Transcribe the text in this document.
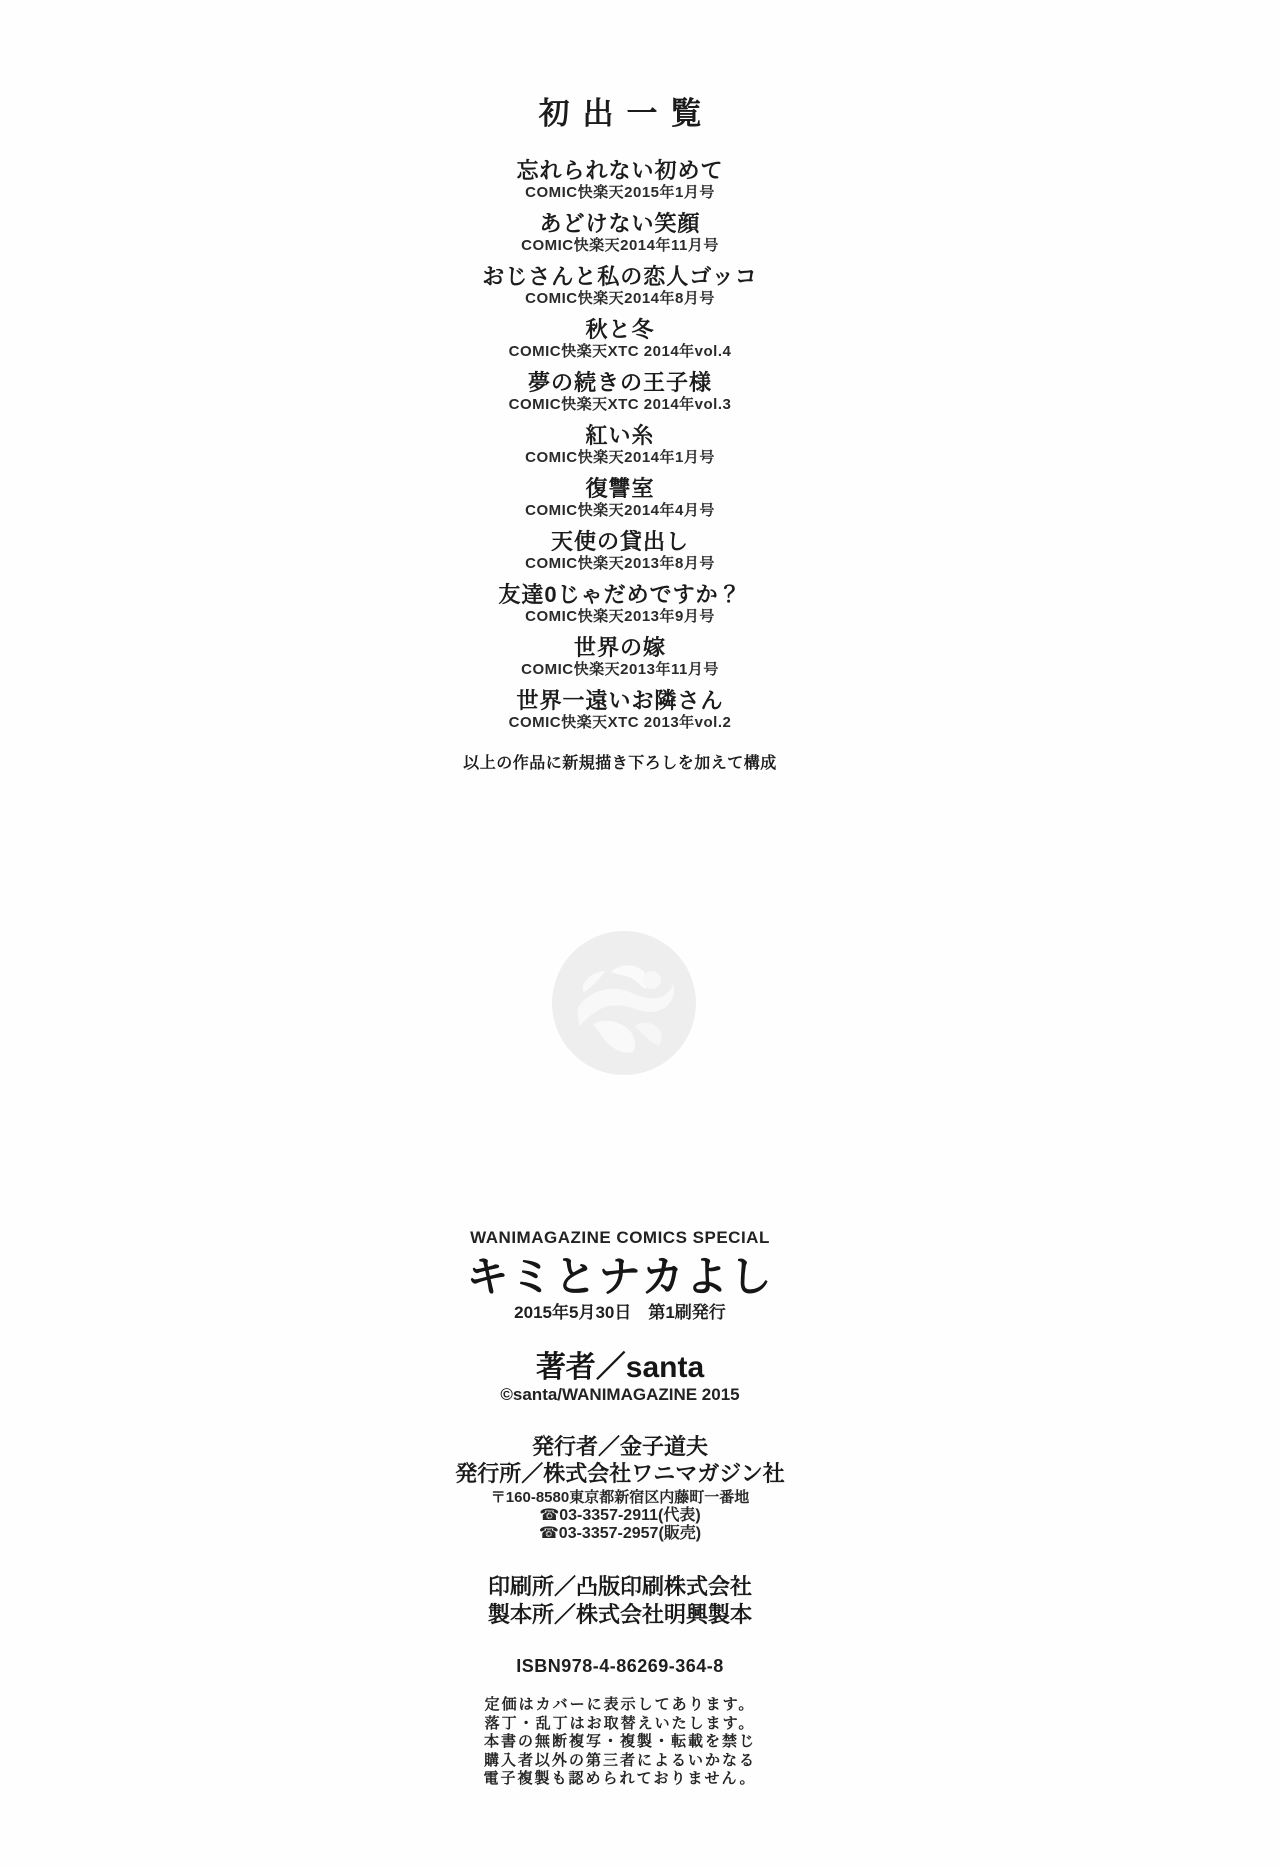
初出一覧
忘れられない初めて
COMIC快楽天2015年1月号
あどけない笑顔
COMIC快楽天2014年11月号
おじさんと私の恋人ゴッコ
COMIC快楽天2014年8月号
秋と冬
COMIC快楽天XTC 2014年vol.4
夢の続きの王子様
COMIC快楽天XTC 2014年vol.3
紅い糸
COMIC快楽天2014年1月号
復讐室
COMIC快楽天2014年4月号
天使の貸出し
COMIC快楽天2013年8月号
友達0じゃだめですか？
COMIC快楽天2013年9月号
世界の嫁
COMIC快楽天2013年11月号
世界一遠いお隣さん
COMIC快楽天XTC 2013年vol.2
以上の作品に新規描き下ろしを加えて構成
WANIMAGAZINE COMICS SPECIAL
キミとナカよし
2015年5月30日　第1刷発行
著者／santa
©santa/WANIMAGAZINE 2015
発行者／金子道夫
発行所／株式会社ワニマガジン社
〒160-8580東京都新宿区内藤町一番地
☎03-3357-2911(代表)
☎03-3357-2957(販売)
印刷所／凸版印刷株式会社
製本所／株式会社明興製本
ISBN978-4-86269-364-8
定価はカバーに表示してあります。
落丁・乱丁はお取替えいたします。
本書の無断複写・複製・転載を禁じ
購入者以外の第三者によるいかなる
電子複製も認められておりません。
